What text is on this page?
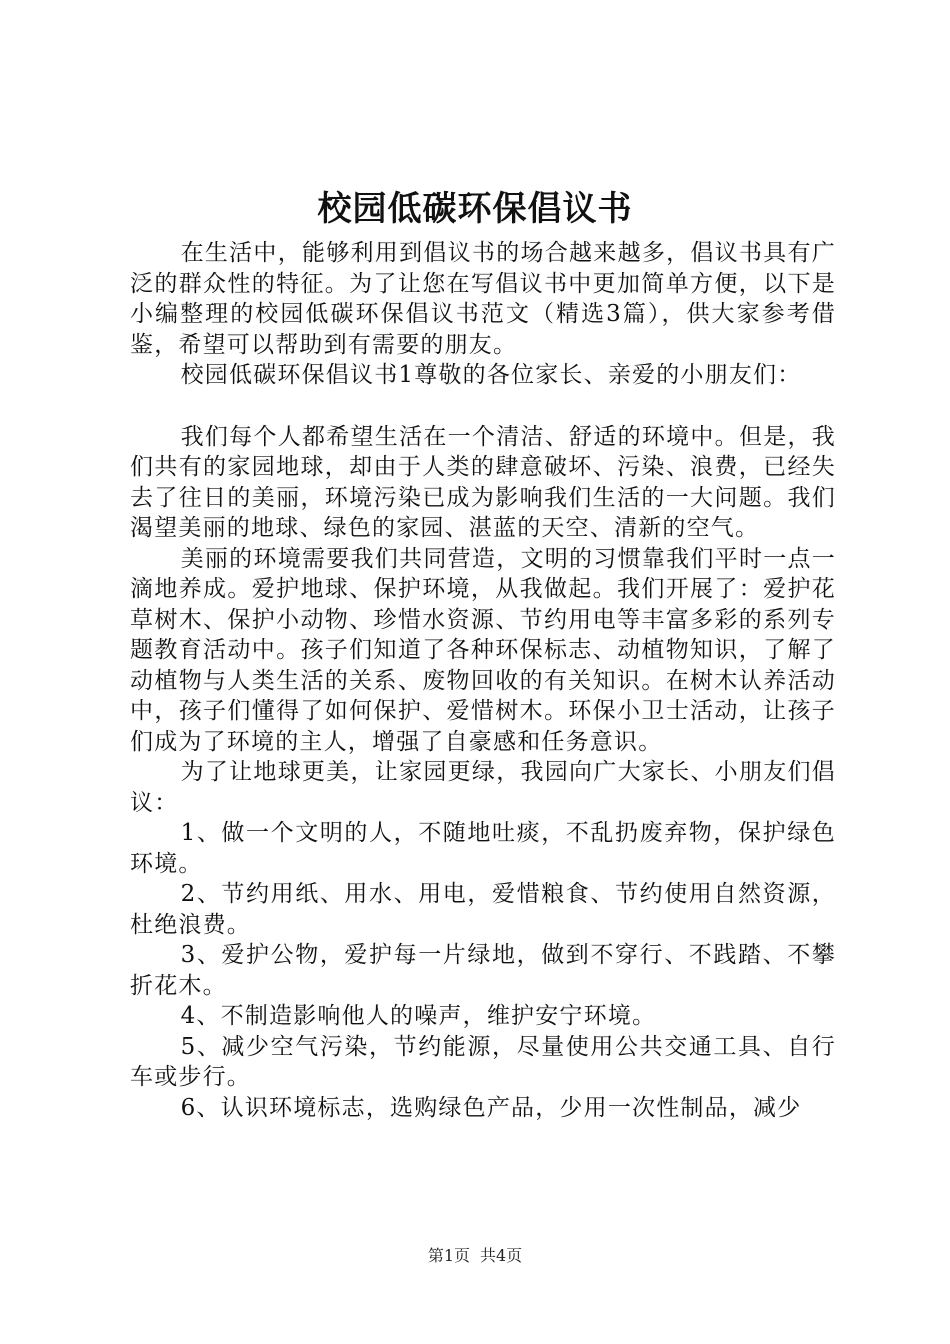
校园低碳环保倡议书

在生活中，能够利用到倡议书的场合越来越多，倡议书具有广泛的群众性的特征。为了让您在写倡议书中更加简单方便，以下是小编整理的校园低碳环保倡议书范文（精选3篇），供大家参考借鉴，希望可以帮助到有需要的朋友。

校园低碳环保倡议书1尊敬的各位家长、亲爱的小朋友们：

我们每个人都希望生活在一个清洁、舒适的环境中。但是，我们共有的家园地球，却由于人类的肆意破坏、污染、浪费，已经失去了往日的美丽，环境污染已成为影响我们生活的一大问题。我们渴望美丽的地球、绿色的家园、湛蓝的天空、清新的空气。

美丽的环境需要我们共同营造，文明的习惯靠我们平时一点一滴地养成。爱护地球、保护环境，从我做起。我们开展了：爱护花草树木、保护小动物、珍惜水资源、节约用电等丰富多彩的系列专题教育活动中。孩子们知道了各种环保标志、动植物知识，了解了动植物与人类生活的关系、废物回收的有关知识。在树木认养活动中，孩子们懂得了如何保护、爱惜树木。环保小卫士活动，让孩子们成为了环境的主人，增强了自豪感和任务意识。

为了让地球更美，让家园更绿，我园向广大家长、小朋友们倡议：

1、做一个文明的人，不随地吐痰，不乱扔废弃物，保护绿色环境。

2、节约用纸、用水、用电，爱惜粮食、节约使用自然资源，杜绝浪费。

3、爱护公物，爱护每一片绿地，做到不穿行、不践踏、不攀折花木。

4、不制造影响他人的噪声，维护安宁环境。

5、减少空气污染，节约能源，尽量使用公共交通工具、自行车或步行。

6、认识环境标志，选购绿色产品，少用一次性制品，减少

第1页 共4页
